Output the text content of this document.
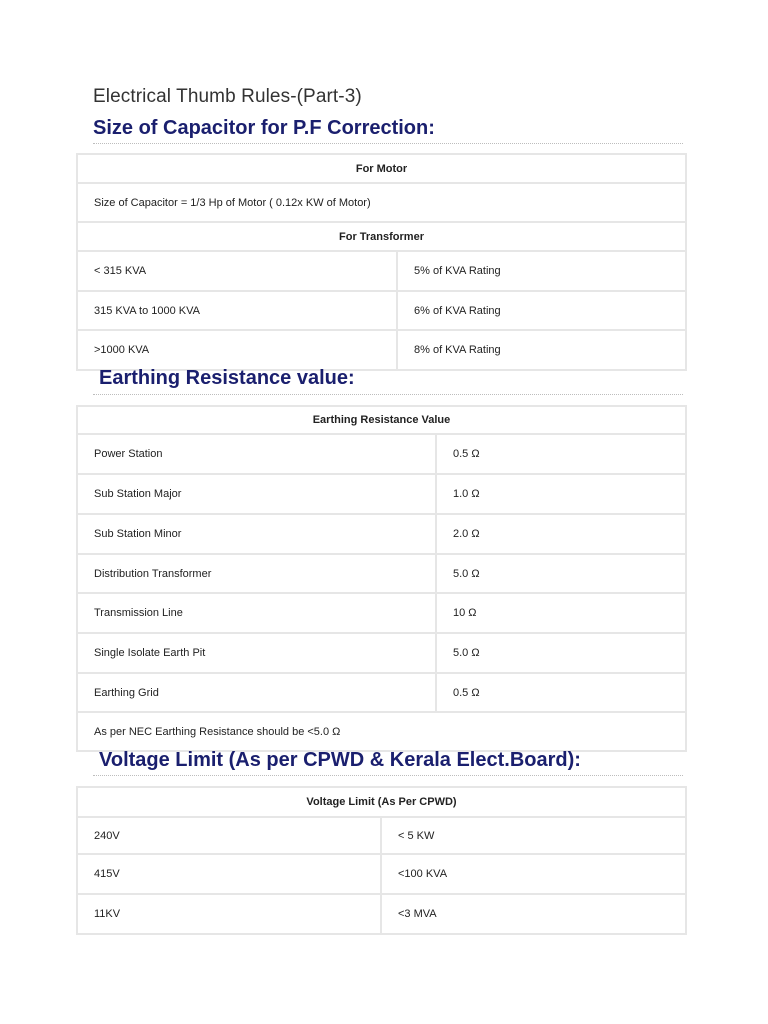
Electrical Thumb Rules-(Part-3)
Size of Capacitor for P.F Correction:
For Motor	
Size of Capacitor = 1/3 Hp of Motor ( 0.12x KW of Motor)	
For Transformer	
< 315 KVA	5% of KVA Rating
315 KVA to 1000 KVA	6% of KVA Rating
>1000 KVA	8% of KVA Rating
Earthing Resistance value:
Earthing Resistance Value	
Power Station	0.5 Ω
Sub Station Major	1.0 Ω
Sub Station Minor	2.0 Ω
Distribution Transformer	5.0 Ω
Transmission Line	10 Ω
Single Isolate Earth Pit	5.0 Ω
Earthing Grid	0.5 Ω
As per NEC Earthing Resistance should be <5.0 Ω	
Voltage Limit (As per CPWD & Kerala Elect.Board):
Voltage Limit (As Per CPWD)	
240V	< 5 KW
415V	<100 KVA
11KV	<3 MVA
